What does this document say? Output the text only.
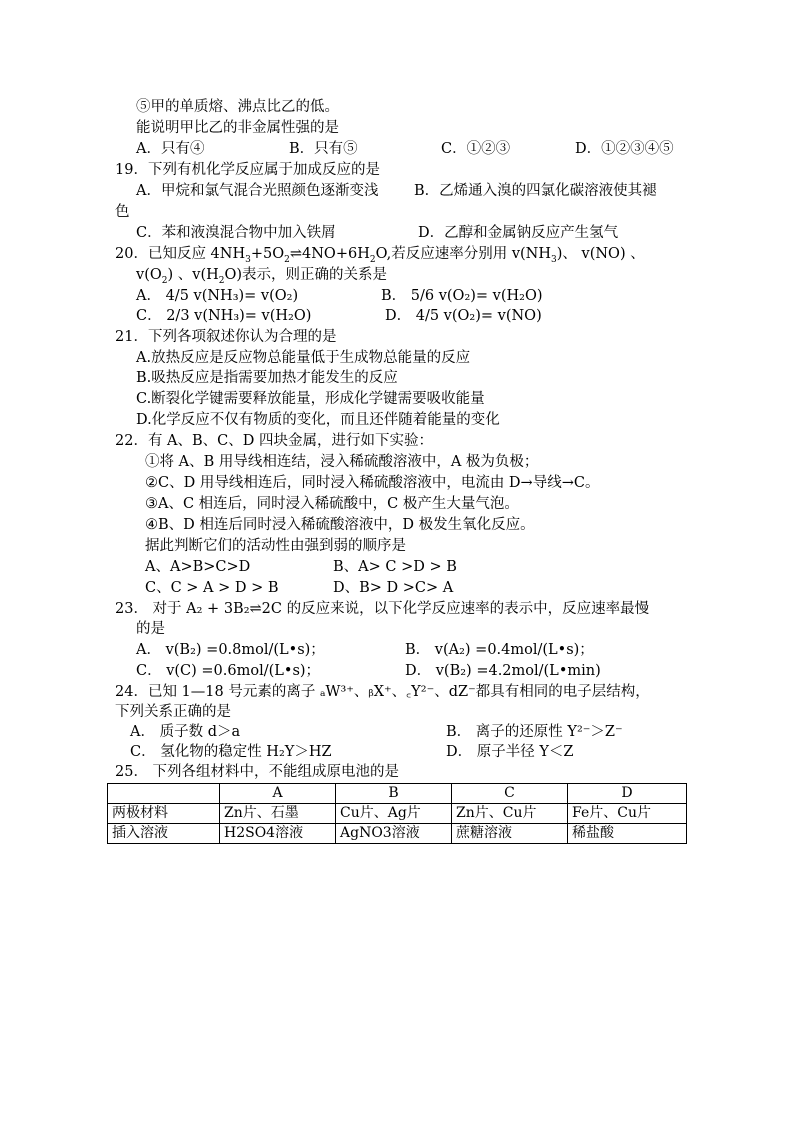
⑤甲的单质熔、沸点比乙的低。
能说明甲比乙的非金属性强的是
A．只有④	B．只有⑤	C．①②③	D．①②③④⑤
19．下列有机化学反应属于加成反应的是
A．甲烷和氯气混合光照颜色逐渐变浅 B．乙烯通入溴的四氯化碳溶液使其褪
色
C．苯和液溴混合物中加入铁屑	D．乙醇和金属钠反应产生氢气
20．已知反应 $4NH_3+5O_2\rightleftharpoons 4NO+6H_2O$,若反应速率分别用 $v(NH_3)$、 v(NO) 、
$v(O_2)$ 、$v(H_2O)$表示，则正确的关系是
A． 4/5 v(NH₃)= v(O₂)	B． 5/6 v(O₂)= v(H₂O)
C． 2/3 v(NH₃)= v(H₂O)	D． 4/5 v(O₂)= v(NO)
21．下列各项叙述你认为合理的是
A.放热反应是反应物总能量低于生成物总能量的反应
B.吸热反应是指需要加热才能发生的反应
C.断裂化学键需要释放能量，形成化学键需要吸收能量
D.化学反应不仅有物质的变化，而且还伴随着能量的变化
22．有 A、B、C、D 四块金属，进行如下实验：
①将 A、B 用导线相连结，浸入稀硫酸溶液中，A 极为负极；
②C、D 用导线相连后，同时浸入稀硫酸溶液中，电流由 D→导线→C。
③A、C 相连后，同时浸入稀硫酸中，C 极产生大量气泡。
④B、D 相连后同时浸入稀硫酸溶液中，D 极发生氧化反应。
据此判断它们的活动性由强到弱的顺序是
A、A>B>C>D	B、A> C >D > B
C、C > A > D > B	D、B> D >C> A
23． 对于 A₂ + 3B₂⇌2C 的反应来说，以下化学反应速率的表示中，反应速率最慢
的是
A． v(B₂) =0.8mol/(L•s)；	B． v(A₂) =0.4mol/(L•s)；
C． v(C) =0.6mol/(L•s)；	D． v(B₂) =4.2mol/(L•min)
24．已知 1—18 号元素的离子 ₐW³⁺、ᵦX⁺、꜀Y²⁻、dZ⁻都具有相同的电子层结构，
下列关系正确的是
A． 质子数 d＞a	B． 离子的还原性 Y²⁻＞Z⁻
C． 氢化物的稳定性 H₂Y＞HZ	D． 原子半径 Y＜Z
25． 下列各组材料中，不能组成原电池的是
	A	B	C	D
两极材料	Zn片、石墨	Cu片、Ag片	Zn片、Cu片	Fe片、Cu片
插入溶液	H2SO4溶液	AgNO3溶液	蔗糖溶液	稀盐酸
